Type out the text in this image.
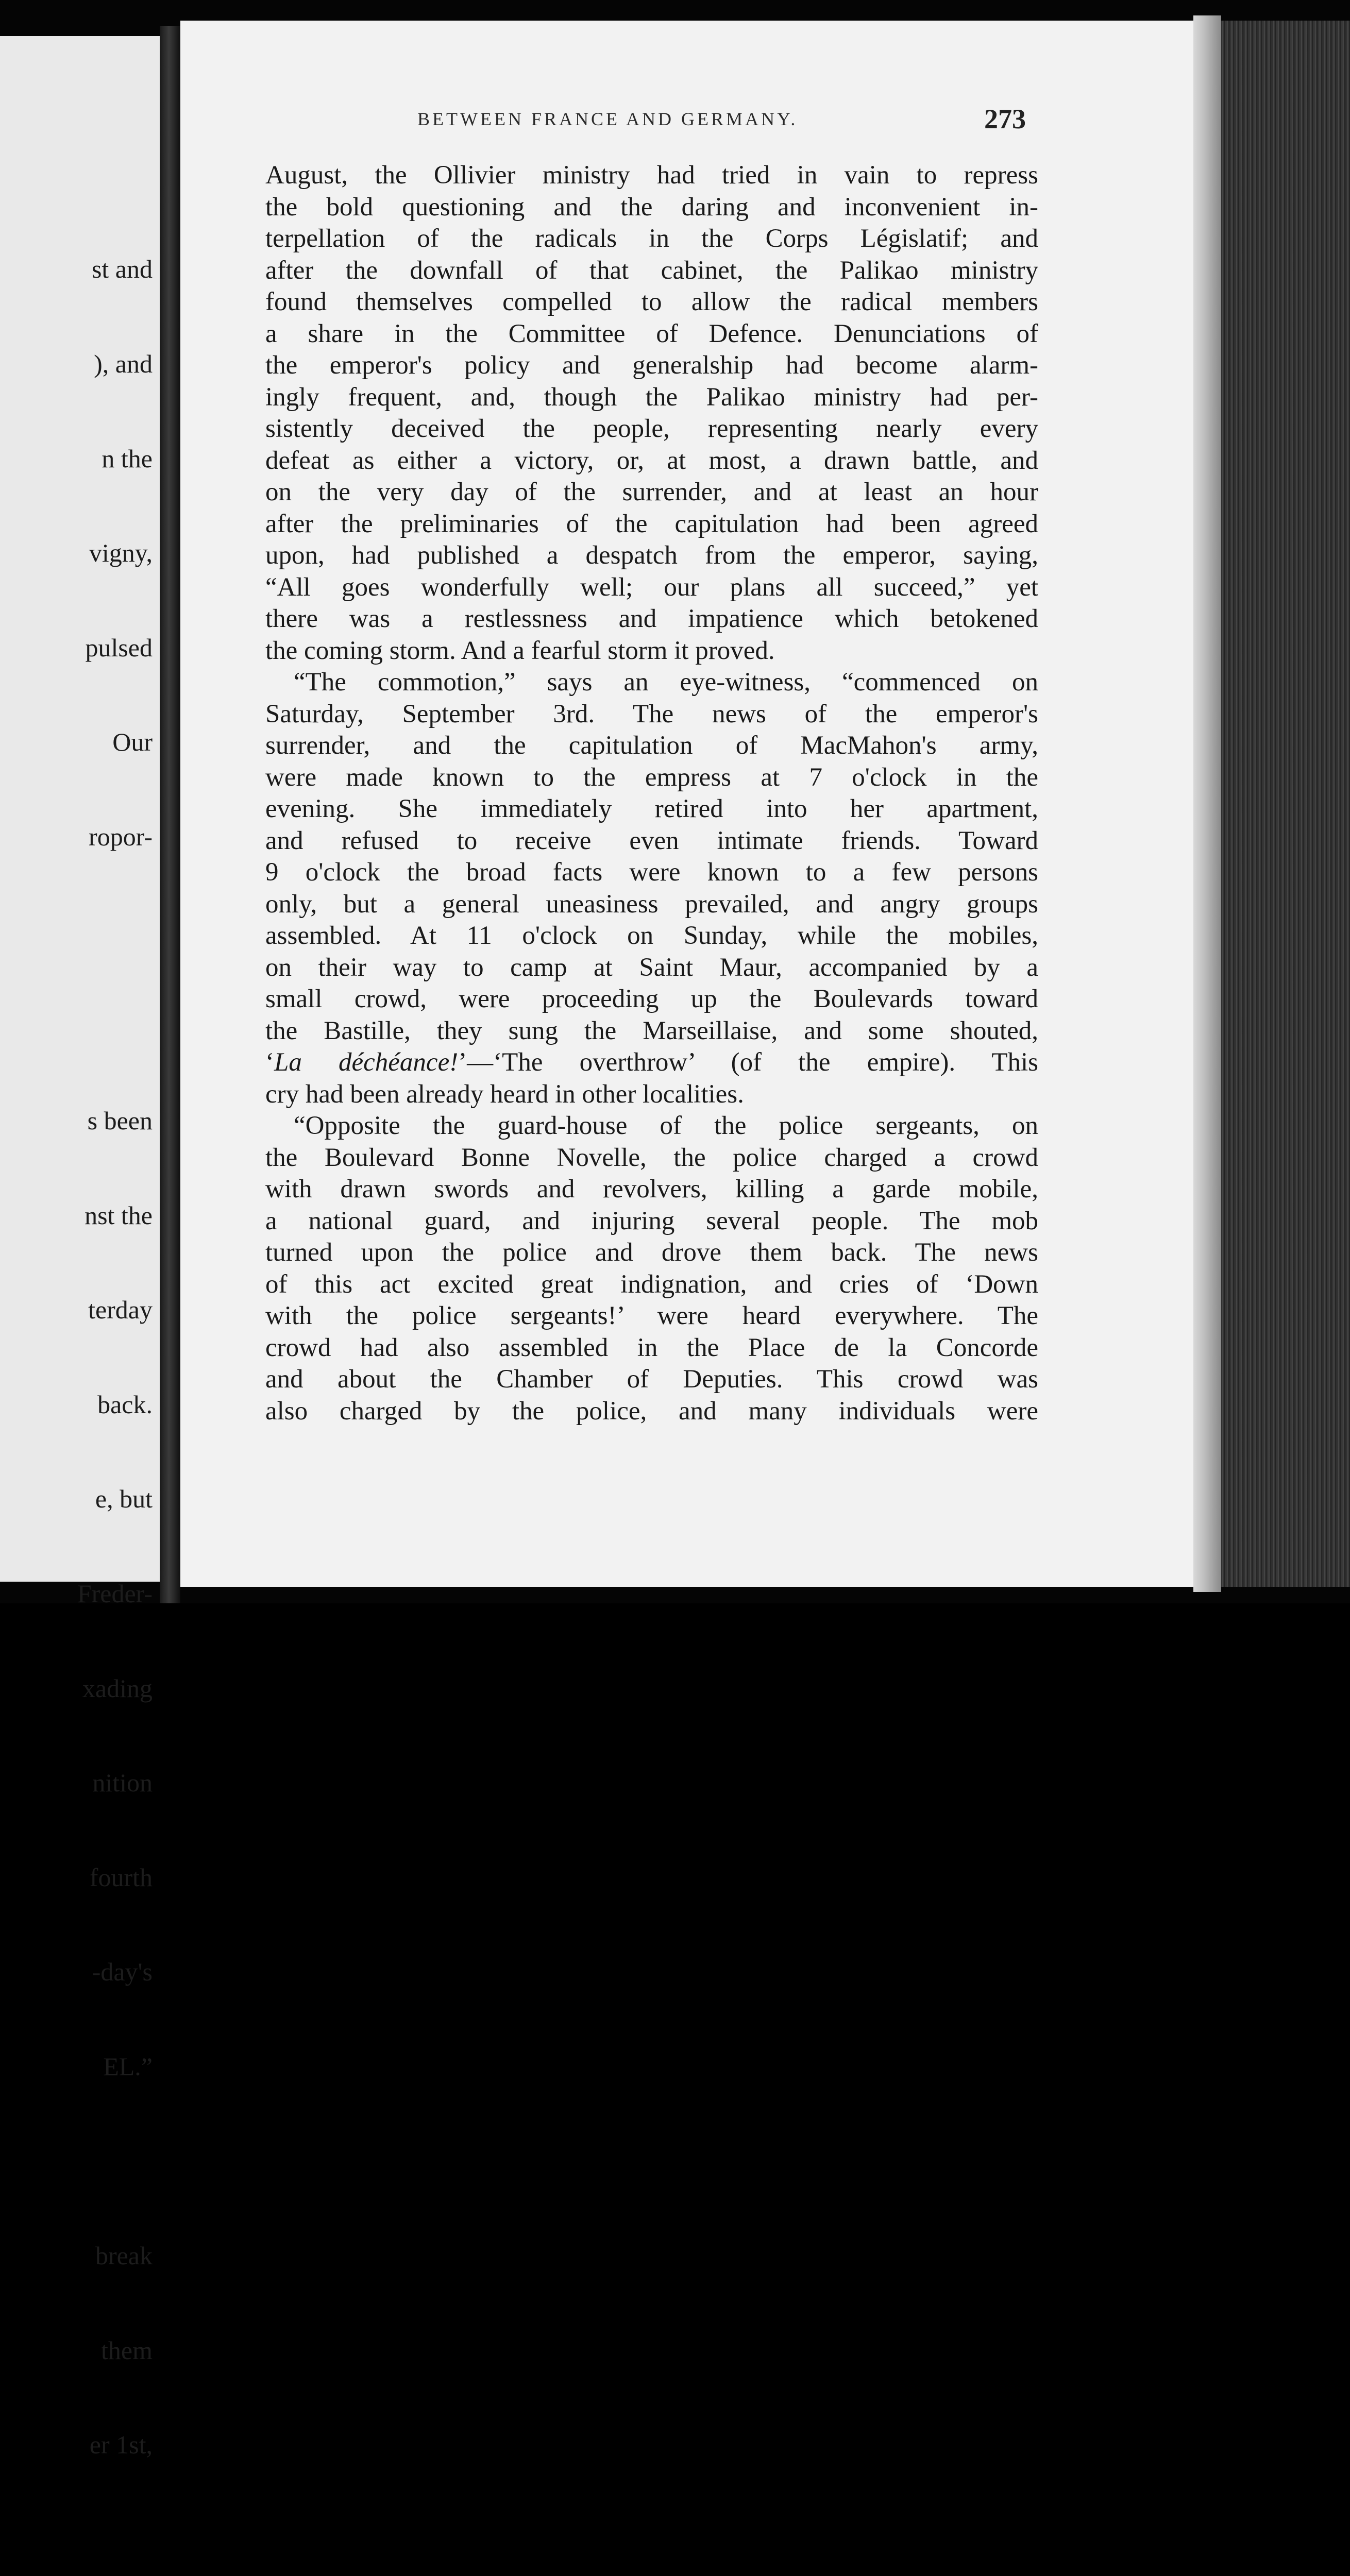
st and

), and

n the

vigny,

pulsed

Our

ropor-

s been

nst the

terday

back.

e, but

Freder-

xading

nition

fourth

-day's

EL.”

break

them

er 1st,

BETWEEN FRANCE AND GERMANY.	273
August, the Ollivier ministry had tried in vain to repress
the bold questioning and the daring and inconvenient in-
terpellation of the radicals in the Corps Législatif; and
after the downfall of that cabinet, the Palikao ministry
found themselves compelled to allow the radical members
a share in the Committee of Defence. Denunciations of
the emperor's policy and generalship had become alarm-
ingly frequent, and, though the Palikao ministry had per-
sistently deceived the people, representing nearly every
defeat as either a victory, or, at most, a drawn battle, and
on the very day of the surrender, and at least an hour
after the preliminaries of the capitulation had been agreed
upon, had published a despatch from the emperor, saying,
“All goes wonderfully well; our plans all succeed,” yet
there was a restlessness and impatience which betokened
the coming storm. And a fearful storm it proved.
“The commotion,” says an eye-witness, “commenced on
Saturday, September 3rd. The news of the emperor's
surrender, and the capitulation of MacMahon's army,
were made known to the empress at 7 o'clock in the
evening. She immediately retired into her apartment,
and refused to receive even intimate friends. Toward
9 o'clock the broad facts were known to a few persons
only, but a general uneasiness prevailed, and angry groups
assembled. At 11 o'clock on Sunday, while the mobiles,
on their way to camp at Saint Maur, accompanied by a
small crowd, were proceeding up the Boulevards toward
the Bastille, they sung the Marseillaise, and some shouted,
‘La déchéance!’—‘The overthrow’ (of the empire). This
cry had been already heard in other localities.
“Opposite the guard-house of the police sergeants, on
the Boulevard Bonne Novelle, the police charged a crowd
with drawn swords and revolvers, killing a garde mobile,
a national guard, and injuring several people. The mob
turned upon the police and drove them back. The news
of this act excited great indignation, and cries of ‘Down
with the police sergeants!’ were heard everywhere. The
crowd had also assembled in the Place de la Concorde
and about the Chamber of Deputies. This crowd was
also charged by the police, and many individuals were
